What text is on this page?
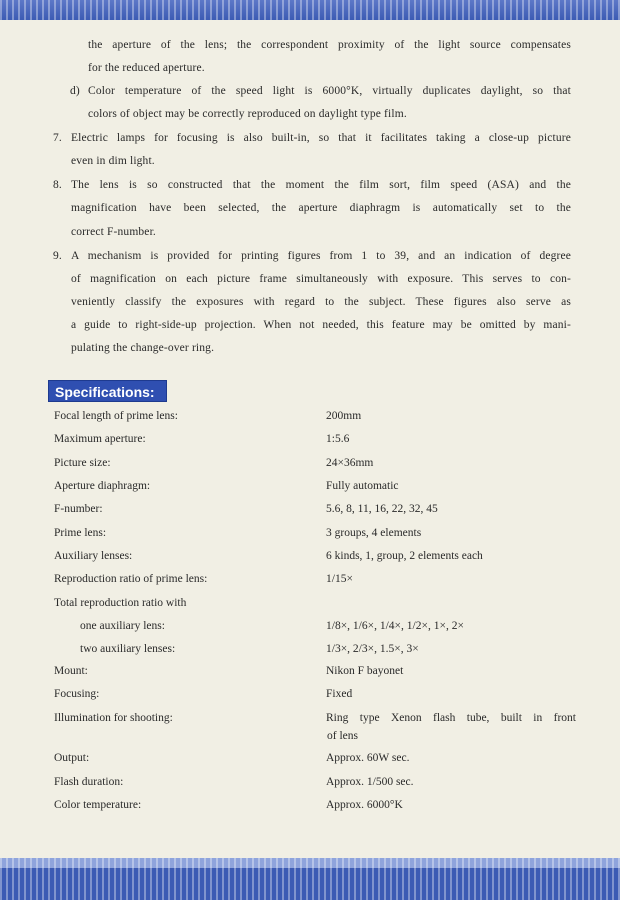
the aperture of the lens; the correspondent proximity of the light source compensates
for the reduced aperture.
d) Color temperature of the speed light is 6000°K, virtually duplicates daylight, so that
colors of object may be correctly reproduced on daylight type film.
7. Electric lamps for focusing is also built-in, so that it facilitates taking a close-up picture
even in dim light.
8. The lens is so constructed that the moment the film sort, film speed (ASA) and the
magnification have been selected, the aperture diaphragm is automatically set to the
correct F-number.
9. A mechanism is provided for printing figures from 1 to 39, and an indication of degree
of magnification on each picture frame simultaneously with exposure. This serves to con-
veniently classify the exposures with regard to the subject. These figures also serve as
a guide to right-side-up projection. When not needed, this feature may be omitted by mani-
pulating the change-over ring.
Specifications:
Focal length of prime lens:	200mm
Maximum aperture:	1:5.6
Picture size:	24×36mm
Aperture diaphragm:	Fully automatic
F-number:	5.6, 8, 11, 16, 22, 32, 45
Prime lens:	3 groups, 4 elements
Auxiliary lenses:	6 kinds, 1, group, 2 elements each
Reproduction ratio of prime lens:	1/15×
Total reproduction ratio with
one auxiliary lens:	1/8×, 1/6×, 1/4×, 1/2×, 1×, 2×
two auxiliary lenses:	1/3×, 2/3×, 1.5×, 3×
Mount:	Nikon F bayonet
Focusing:	Fixed
Illumination for shooting:	Ring type Xenon flash tube, built in front
of lens
Output:	Approx. 60W sec.
Flash duration:	Approx. 1/500 sec.
Color temperature:	Approx. 6000°K
